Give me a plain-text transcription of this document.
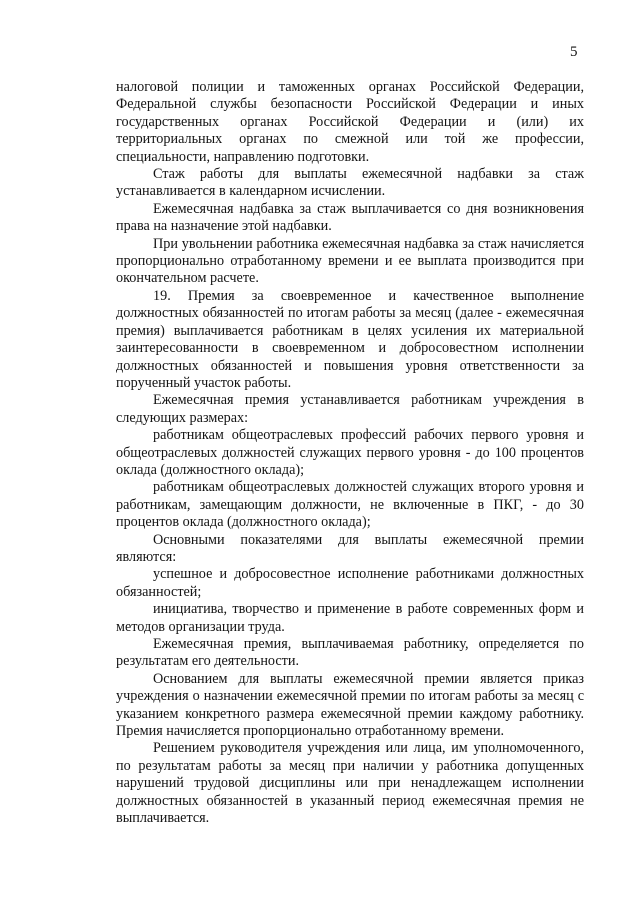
5

налоговой полиции и таможенных органах Российской Федерации, Федеральной службы безопасности Российской Федерации и иных государственных органах Российской Федерации и (или) их территориальных органах по смежной или той же профессии, специальности, направлению подготовки.

Стаж работы для выплаты ежемесячной надбавки за стаж устанавливается в календарном исчислении.

Ежемесячная надбавка за стаж выплачивается со дня возникновения права на назначение этой надбавки.

При увольнении работника ежемесячная надбавка за стаж начисляется пропорционально отработанному времени и ее выплата производится при окончательном расчете.

19. Премия за своевременное и качественное выполнение должностных обязанностей по итогам работы за месяц (далее - ежемесячная премия) выплачивается работникам в целях усиления их материальной заинтересованности в своевременном и добросовестном исполнении должностных обязанностей и повышения уровня ответственности за порученный участок работы.

Ежемесячная премия устанавливается работникам учреждения в следующих размерах:

работникам общеотраслевых профессий рабочих первого уровня и общеотраслевых должностей служащих первого уровня - до 100 процентов оклада (должностного оклада);

работникам общеотраслевых должностей служащих второго уровня и работникам, замещающим должности, не включенные в ПКГ, - до 30 процентов оклада (должностного оклада);

Основными показателями для выплаты ежемесячной премии являются:

успешное и добросовестное исполнение работниками должностных обязанностей;

инициатива, творчество и применение в работе современных форм и методов организации труда.

Ежемесячная премия, выплачиваемая работнику, определяется по результатам его деятельности.

Основанием для выплаты ежемесячной премии является приказ учреждения о назначении ежемесячной премии по итогам работы за месяц с указанием конкретного размера ежемесячной премии каждому работнику. Премия начисляется пропорционально отработанному времени.

Решением руководителя учреждения или лица, им уполномоченного, по результатам работы за месяц при наличии у работника допущенных нарушений трудовой дисциплины или при ненадлежащем исполнении должностных обязанностей в указанный период ежемесячная премия не выплачивается.
